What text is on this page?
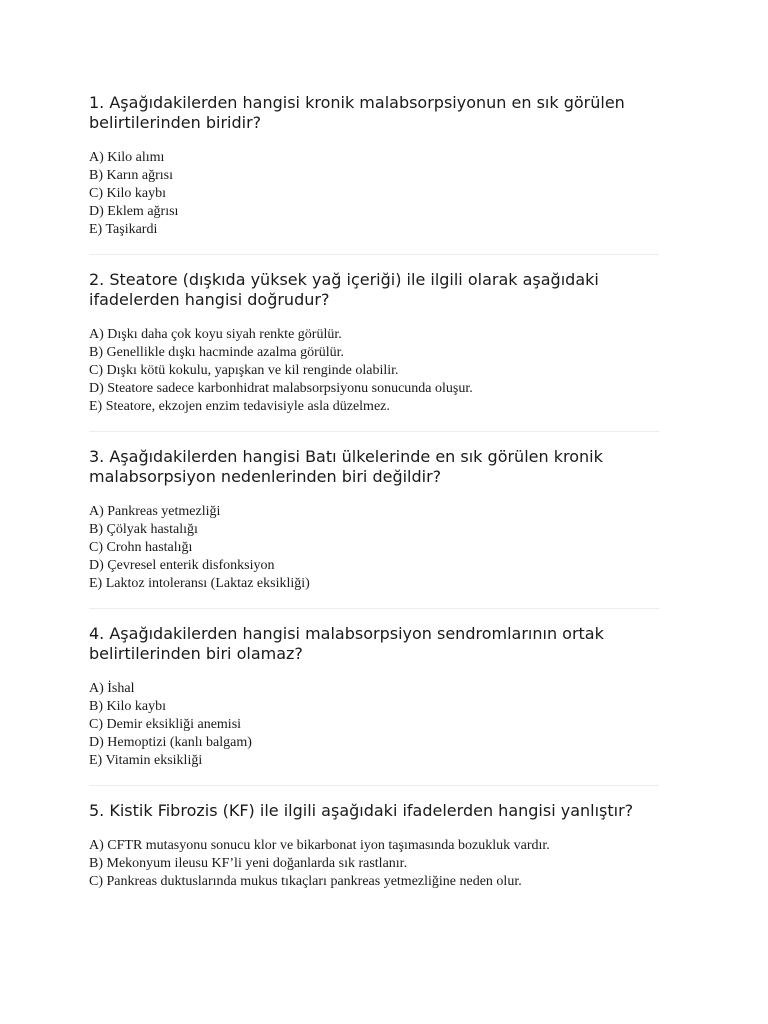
1. Aşağıdakilerden hangisi kronik malabsorpsiyonun en sık görülen belirtilerinden biridir?
A) Kilo alımı
B) Karın ağrısı
C) Kilo kaybı
D) Eklem ağrısı
E) Taşikardi
2. Steatore (dışkıda yüksek yağ içeriği) ile ilgili olarak aşağıdaki ifadelerden hangisi doğrudur?
A) Dışkı daha çok koyu siyah renkte görülür.
B) Genellikle dışkı hacminde azalma görülür.
C) Dışkı kötü kokulu, yapışkan ve kil renginde olabilir.
D) Steatore sadece karbonhidrat malabsorpsiyonu sonucunda oluşur.
E) Steatore, ekzojen enzim tedavisiyle asla düzelmez.
3. Aşağıdakilerden hangisi Batı ülkelerinde en sık görülen kronik malabsorpsiyon nedenlerinden biri değildir?
A) Pankreas yetmezliği
B) Çölyak hastalığı
C) Crohn hastalığı
D) Çevresel enterik disfonksiyon
E) Laktoz intoleransı (Laktaz eksikliği)
4. Aşağıdakilerden hangisi malabsorpsiyon sendromlarının ortak belirtilerinden biri olamaz?
A) İshal
B) Kilo kaybı
C) Demir eksikliği anemisi
D) Hemoptizi (kanlı balgam)
E) Vitamin eksikliği
5. Kistik Fibrozis (KF) ile ilgili aşağıdaki ifadelerden hangisi yanlıştır?
A) CFTR mutasyonu sonucu klor ve bikarbonat iyon taşımasında bozukluk vardır.
B) Mekonyum ileusu KF’li yeni doğanlarda sık rastlanır.
C) Pankreas duktuslarında mukus tıkaçları pankreas yetmezliğine neden olur.
